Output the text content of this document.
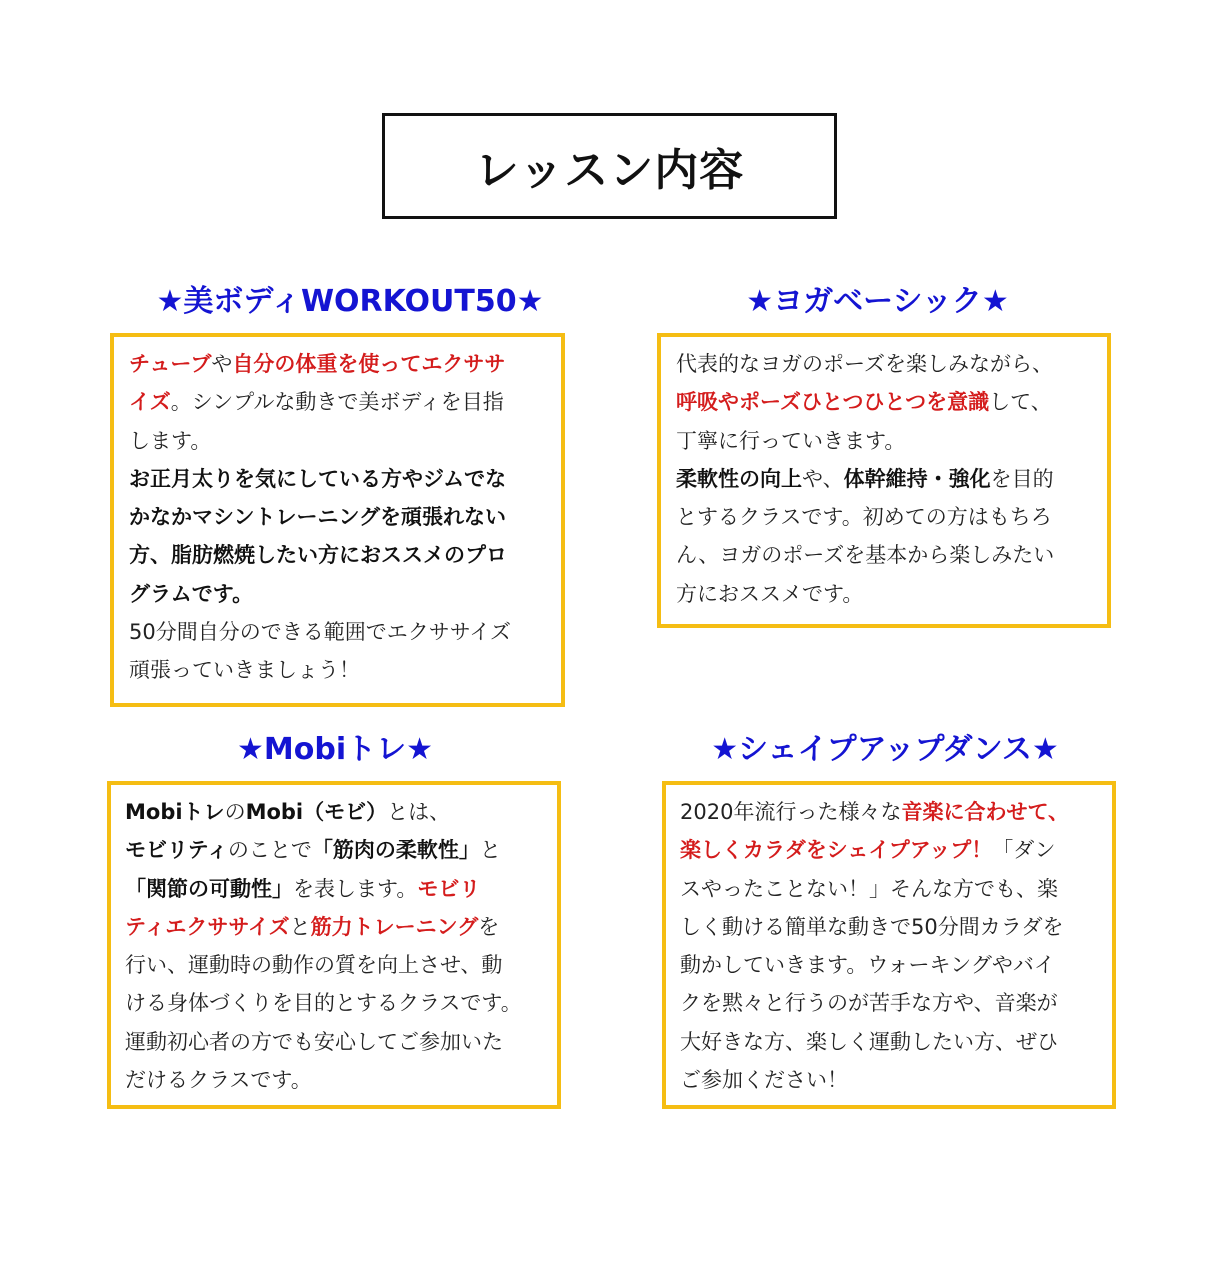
レッスン内容
★美ボディWORKOUT50★
チューブや自分の体重を使ってエクササ
イズ。シンプルな動きで美ボディを目指
します。
お正月太りを気にしている方やジムでな
かなかマシントレーニングを頑張れない
方、脂肪燃焼したい方におススメのプロ
グラムです。
50分間自分のできる範囲でエクササイズ
頑張っていきましょう！
★ヨガベーシック★
代表的なヨガのポーズを楽しみながら、
呼吸やポーズひとつひとつを意識して、
丁寧に行っていきます。
柔軟性の向上や、体幹維持・強化を目的
とするクラスです。初めての方はもちろ
ん、ヨガのポーズを基本から楽しみたい
方におススメです。
★Mobiトレ★
MobiトレのMobi（モビ）とは、
モビリティのことで「筋肉の柔軟性」と
「関節の可動性」を表します。モビリ
ティエクササイズと筋力トレーニングを
行い、運動時の動作の質を向上させ、動
ける身体づくりを目的とするクラスです。
運動初心者の方でも安心してご参加いた
だけるクラスです。
★シェイプアップダンス★
2020年流行った様々な音楽に合わせて、
楽しくカラダをシェイプアップ！「ダン
スやったことない！」そんな方でも、楽
しく動ける簡単な動きで50分間カラダを
動かしていきます。ウォーキングやバイ
クを黙々と行うのが苦手な方や、音楽が
大好きな方、楽しく運動したい方、ぜひ
ご参加ください！
